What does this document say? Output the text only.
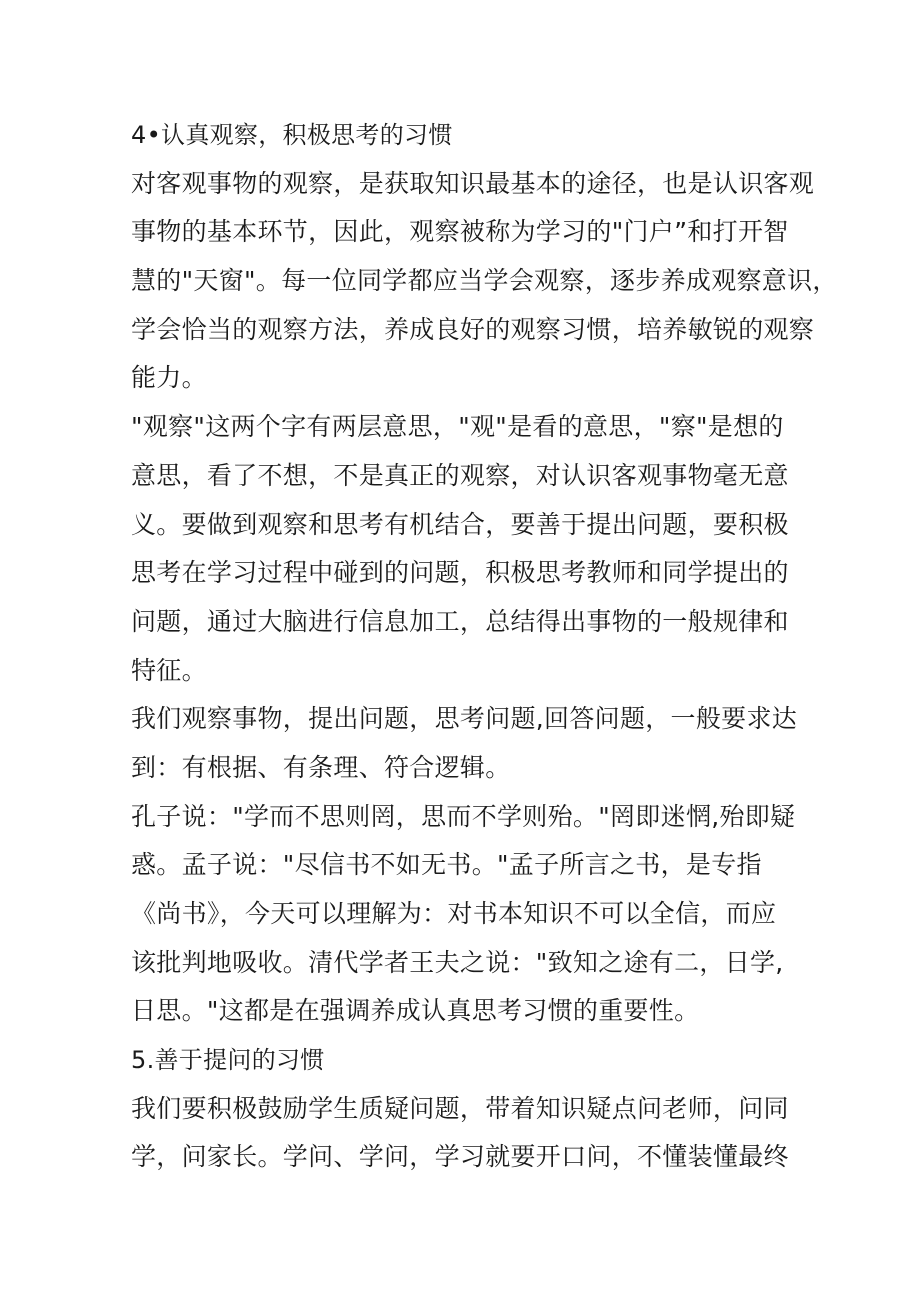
4•认真观察，积极思考的习惯
对客观事物的观察，是获取知识最基本的途径，也是认识客观
事物的基本环节，因此，观察被称为学习的"门户”和打开智
慧的"天窗"。每一位同学都应当学会观察，逐步养成观察意识，
学会恰当的观察方法，养成良好的观察习惯，培养敏锐的观察
能力。
"观察"这两个字有两层意思，"观"是看的意思，"察"是想的
意思，看了不想，不是真正的观察，对认识客观事物毫无意
义。要做到观察和思考有机结合，要善于提出问题，要积极
思考在学习过程中碰到的问题，积极思考教师和同学提出的
问题，通过大脑进行信息加工，总结得出事物的一般规律和
特征。
我们观察事物，提出问题，思考问题,回答问题，一般要求达
到：有根据、有条理、符合逻辑。
孔子说："学而不思则罔，思而不学则殆。"罔即迷惘,殆即疑
惑。孟子说："尽信书不如无书。"孟子所言之书，是专指
《尚书》，今天可以理解为：对书本知识不可以全信，而应
该批判地吸收。清代学者王夫之说："致知之途有二，日学,
日思。"这都是在强调养成认真思考习惯的重要性。
5.善于提问的习惯
我们要积极鼓励学生质疑问题，带着知识疑点问老师，问同
学，问家长。学问、学问，学习就要开口问，不懂装懂最终
